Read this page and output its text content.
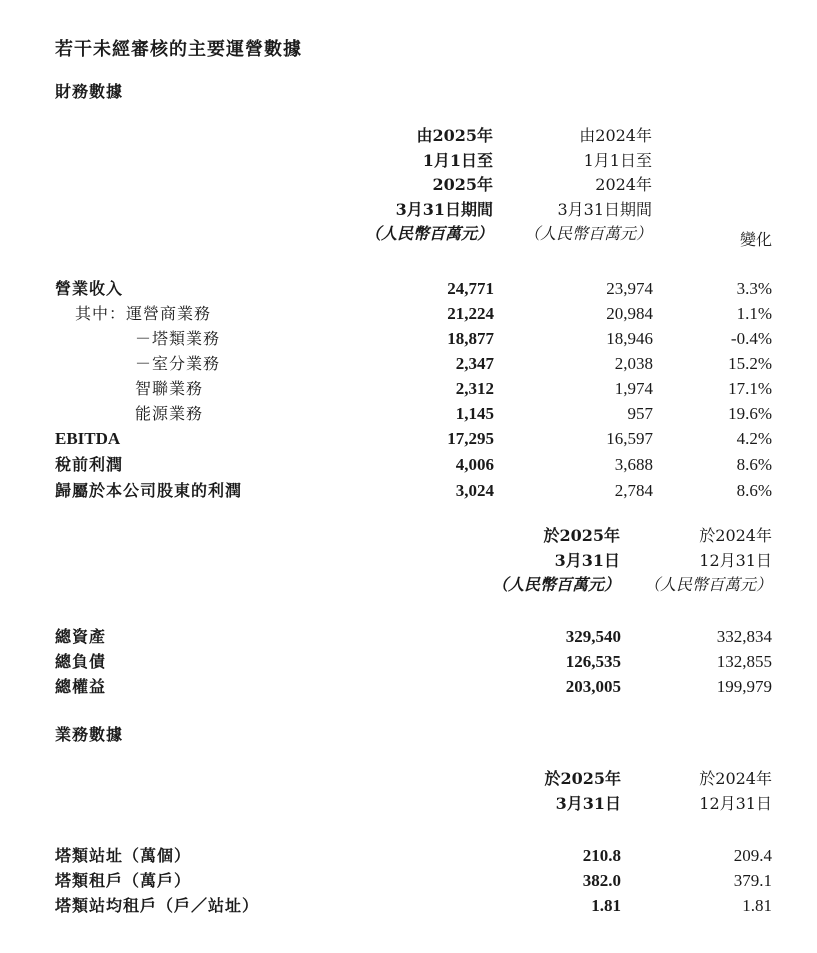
若干未經審核的主要運營數據
財務數據
由2025年
1月1日至
2025年
3月31日期間
（人民幣百萬元）
由2024年
1月1日至
2024年
3月31日期間
（人民幣百萬元）	變化
營業收入	24,771	23,974	3.3%
其中：運營商業務	21,224	20,984	1.1%
－塔類業務	18,877	18,946	-0.4%
－室分業務	2,347	2,038	15.2%
智聯業務	2,312	1,974	17.1%
能源業務	1,145	957	19.6%
EBITDA	17,295	16,597	4.2%
稅前利潤	4,006	3,688	8.6%
歸屬於本公司股東的利潤	3,024	2,784	8.6%
於2025年
3月31日
（人民幣百萬元）
於2024年
12月31日
（人民幣百萬元）
總資產	329,540	332,834
總負債	126,535	132,855
總權益	203,005	199,979
業務數據
於2025年
3月31日
於2024年
12月31日
塔類站址（萬個）	210.8	209.4
塔類租戶（萬戶）	382.0	379.1
塔類站均租戶（戶／站址）	1.81	1.81
